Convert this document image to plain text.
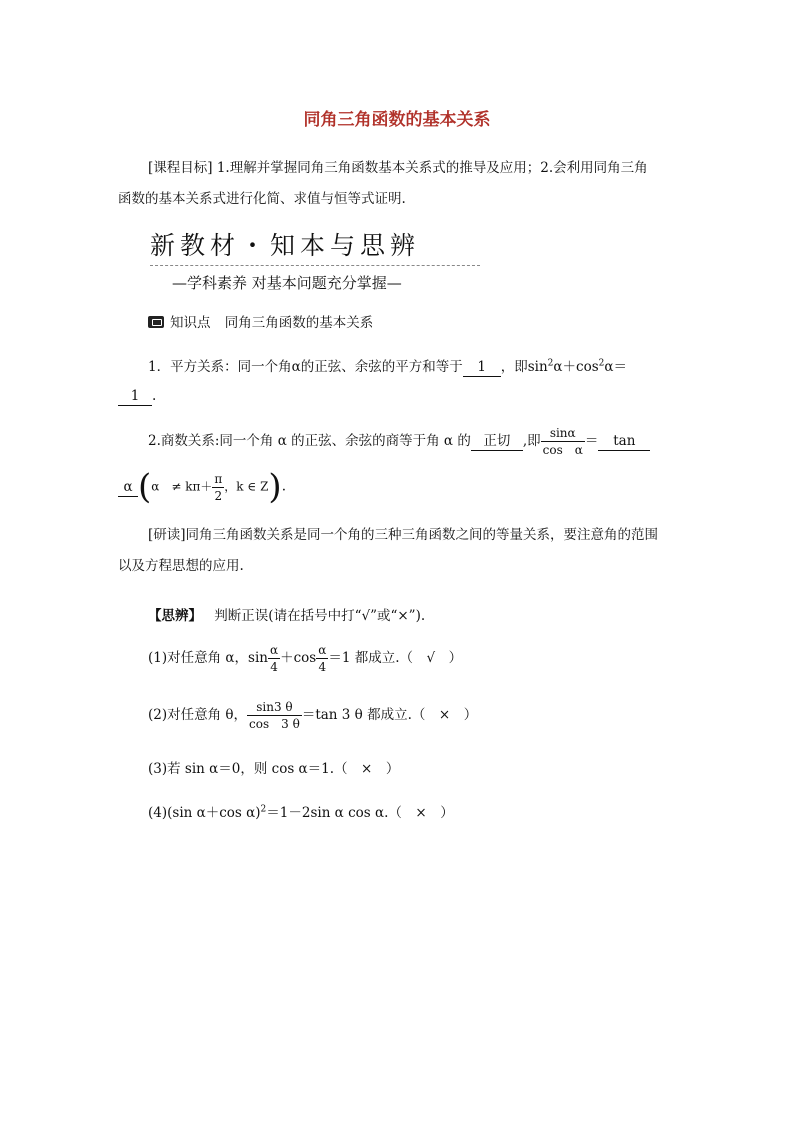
同角三角函数的基本关系
[课程目标] 1.理解并掌握同角三角函数基本关系式的推导及应用；2.会利用同角三角
函数的基本关系式进行化简、求值与恒等式证明.
新教材・知本与思辨
—学科素养 对基本问题充分掌握—
知识点 同角三角函数的基本关系
1．平方关系：同一个角α的正弦、余弦的平方和等于 1 ，即$\sin^2\alpha+\cos^2\alpha=$
1 .
2.商数关系:同一个角 α 的正弦、余弦的商等于角 α 的 正切 ,即 $\frac{\sin\alpha}{\text{cos　α}} = \tan$
α (α　≠ $k\pi+ \frac{\pi}{2}$ ，k ∈ Z).
[研读]同角三角函数关系是同一个角的三种三角函数之间的等量关系，要注意角的范围
以及方程思想的应用.
【思辨】 判断正误(请在括号中打“√”或“×”).
(1)对任意角 α，$\sin \frac{\alpha}{4} +\cos \frac{\alpha}{4} =1$ 都成立.（　√　）
(2)对任意角 θ， $\frac{\sin 3 \theta}{\cos 3 \theta} =\tan$ 3 θ 都成立.（　×　）
(3)若 sin α＝0，则 cos α＝1.（　×　）
(4)(sin α＋cos α)$^2$＝1－2sin α cos α.（　×　）
